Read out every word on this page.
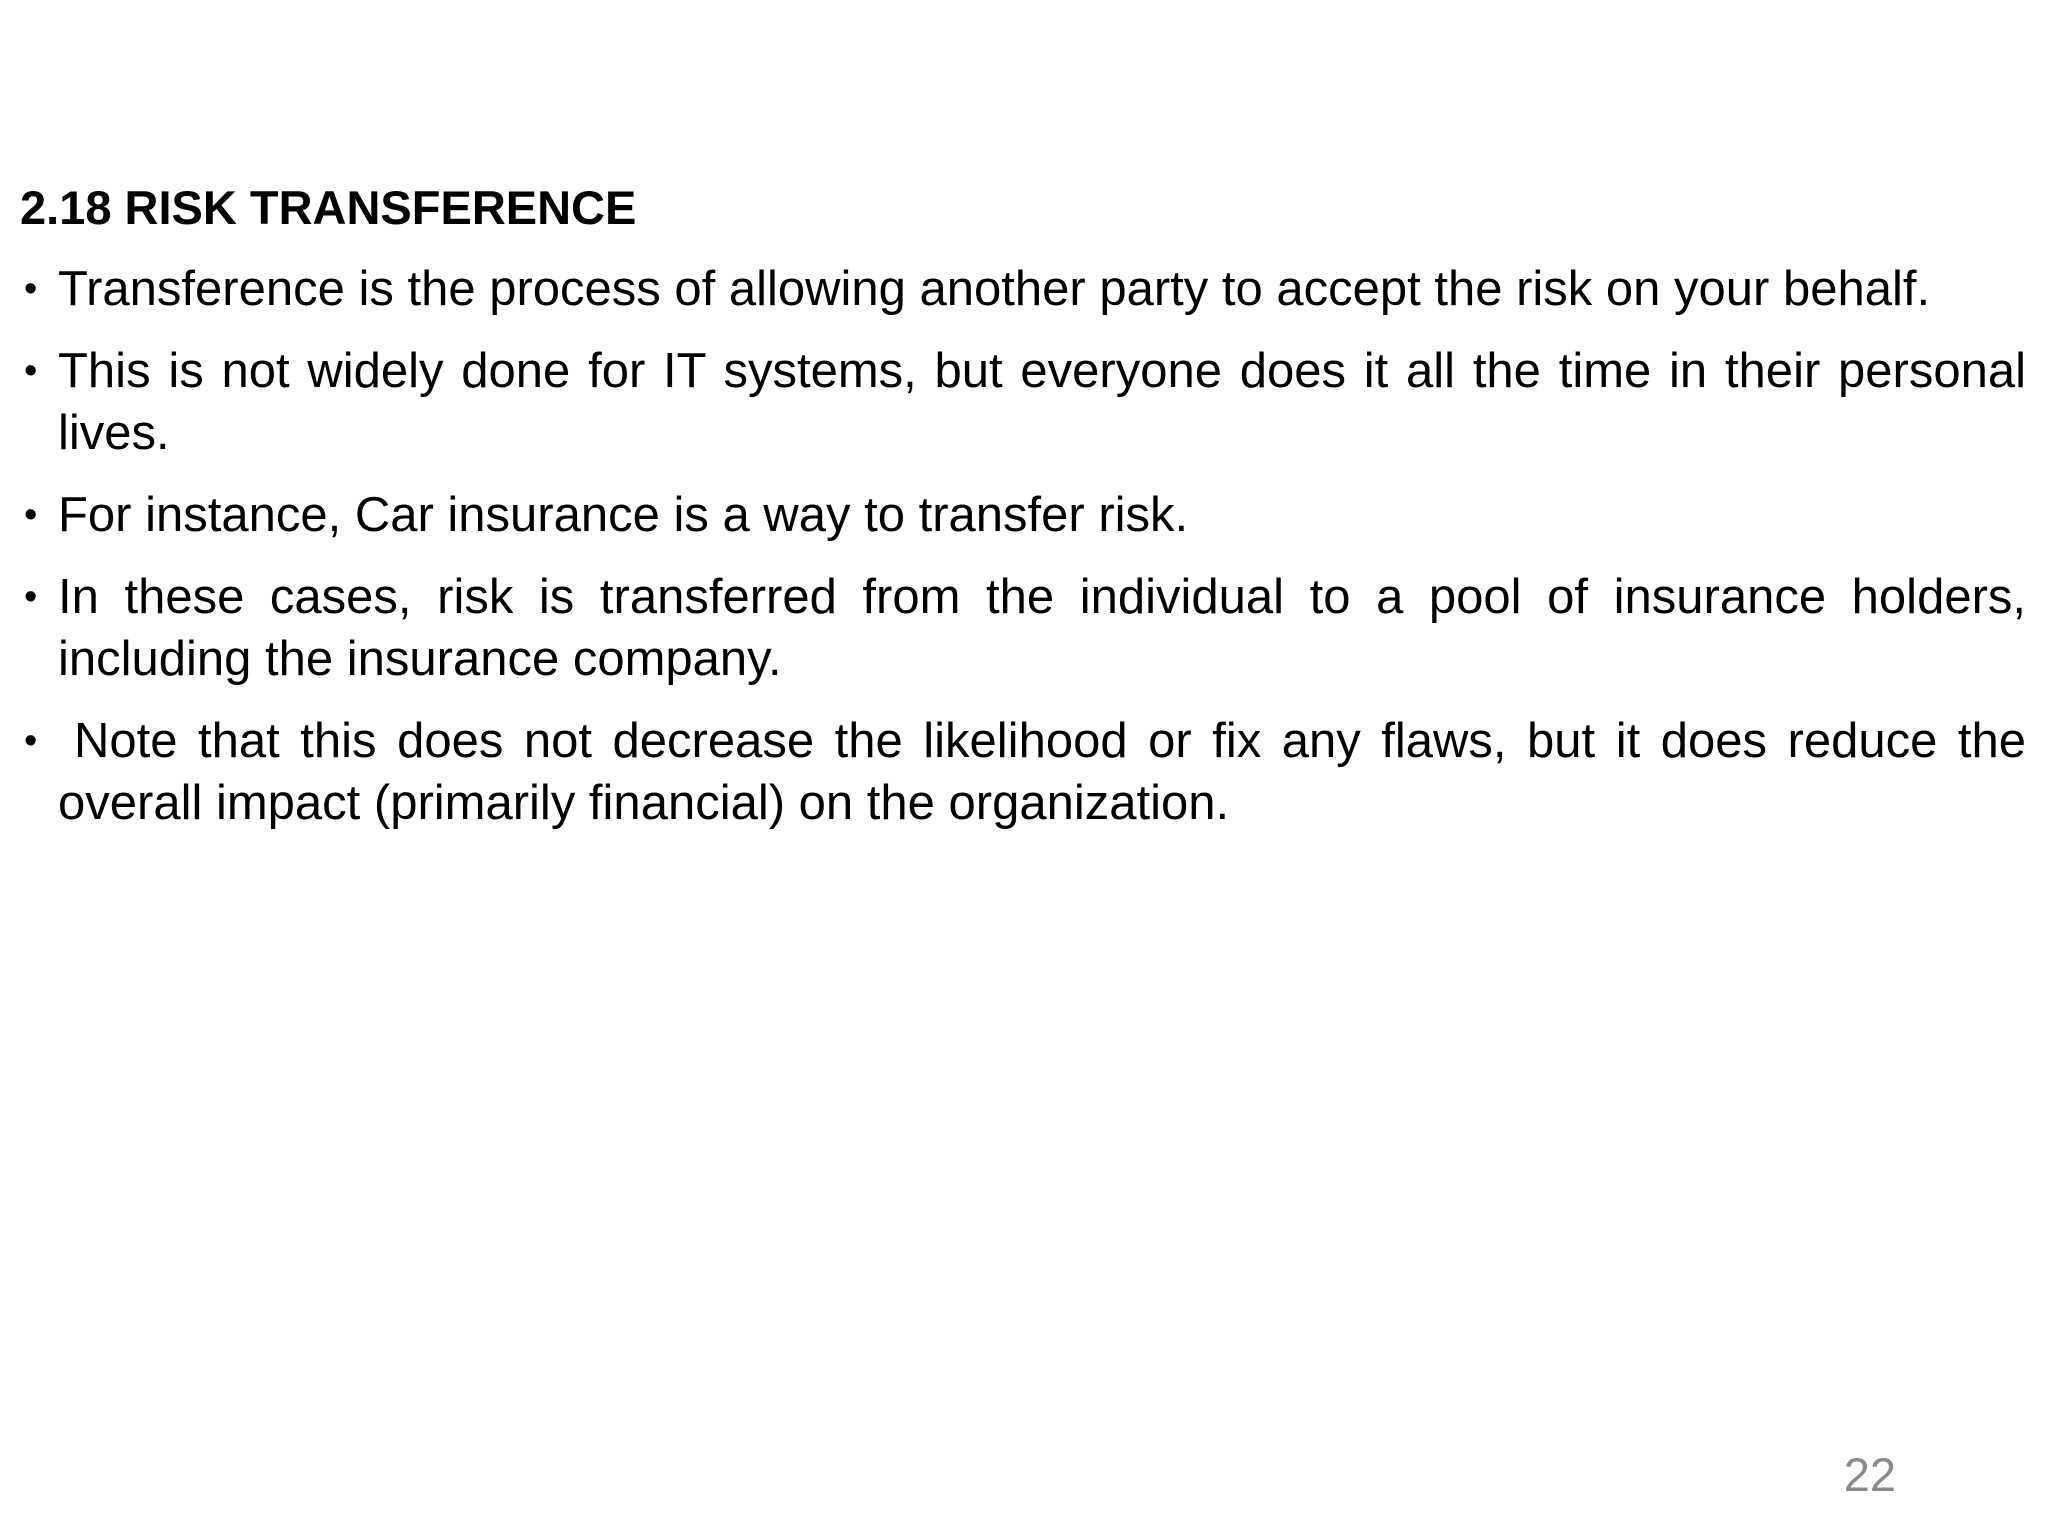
2.18 RISK TRANSFERENCE
• Transference is the process of allowing another party to accept the risk on your behalf.
• This is not widely done for IT systems, but everyone does it all the time in their personal lives.
• For instance, Car insurance is a way to transfer risk.
• In these cases, risk is transferred from the individual to a pool of insurance holders, including the insurance company.
• Note that this does not decrease the likelihood or fix any flaws, but it does reduce the overall impact (primarily financial) on the organization.
22
